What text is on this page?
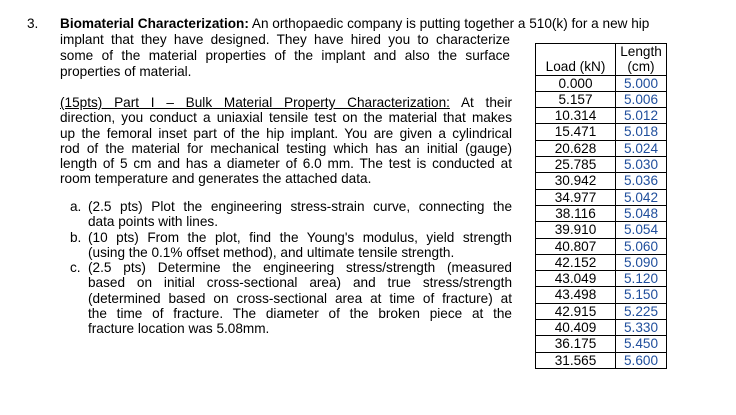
3. Biomaterial Characterization: An orthopaedic company is putting together a 510(k) for a new hip
implant that they have designed. They have hired you to characterize
some of the material properties of the implant and also the surface
properties of material.
(15pts) Part I – Bulk Material Property Characterization: At their
direction, you conduct a uniaxial tensile test on the material that makes
up the femoral inset part of the hip implant. You are given a cylindrical
rod of the material for mechanical testing which has an initial (gauge)
length of 5 cm and has a diameter of 6.0 mm. The test is conducted at
room temperature and generates the attached data.
a. (2.5 pts) Plot the engineering stress-strain curve, connecting the
data points with lines.
b. (10 pts) From the plot, find the Young's modulus, yield strength
(using the 0.1% offset method), and ultimate tensile strength.
c. (2.5 pts) Determine the engineering stress/strength (measured
based on initial cross-sectional area) and true stress/strength
(determined based on cross-sectional area at time of fracture) at
the time of fracture. The diameter of the broken piece at the
fracture location was 5.08mm.
Load (kN)	Length
(cm)

0.000	5.000
5.157	5.006
10.314	5.012
15.471	5.018
20.628	5.024
25.785	5.030
30.942	5.036
34.977	5.042
38.116	5.048
39.910	5.054
40.807	5.060
42.152	5.090
43.049	5.120
43.498	5.150
42.915	5.225
40.409	5.330
36.175	5.450
31.565	5.600
